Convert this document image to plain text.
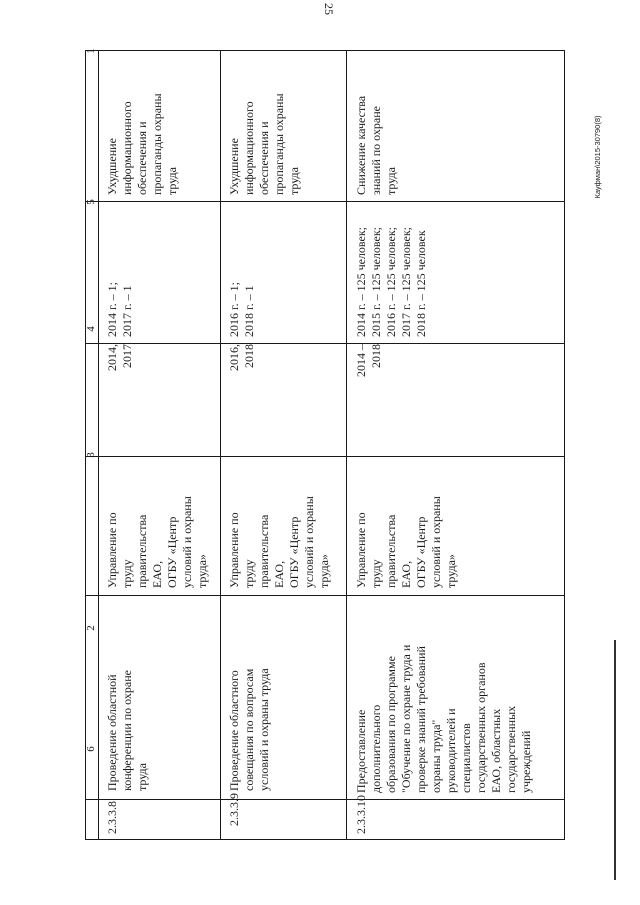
25
Кауфман\2015-30790(8)
1
2
3
4
5
6
2.3.3.8
Проведение областной
конференции по охране
труда
Управление по
труду
правительства
ЕАО,
ОГБУ «Центр
условий и охраны
труда»
2014,
2017
2014 г. – 1;
2017 г. – 1
Ухудшение
информационного
обеспечения и
пропаганды охраны
труда
2.3.3.9
Проведение областного
совещания по вопросам
условий и охраны труда
Управление по
труду
правительства
ЕАО,
ОГБУ «Центр
условий и охраны
труда»
2016,
2018
2016 г. – 1;
2018 г. – 1
Ухудшение
информационного
обеспечения и
пропаганды охраны
труда
2.3.3.10
Предоставление
дополнительного
образования по программе
"Обучение по охране труда и
проверке знаний требований
охраны труда"
руководителей и
специалистов
государственных органов
ЕАО, областных
государственных
учреждений
Управление по
труду
правительства
ЕАО,
ОГБУ «Центр
условий и охраны
труда»
2014 –
2018
2014 г. – 125 человек;
2015 г. – 125 человек;
2016 г. – 125 человек;
2017 г. – 125 человек;
2018 г. – 125 человек
Снижение качества
знаний по охране
труда
